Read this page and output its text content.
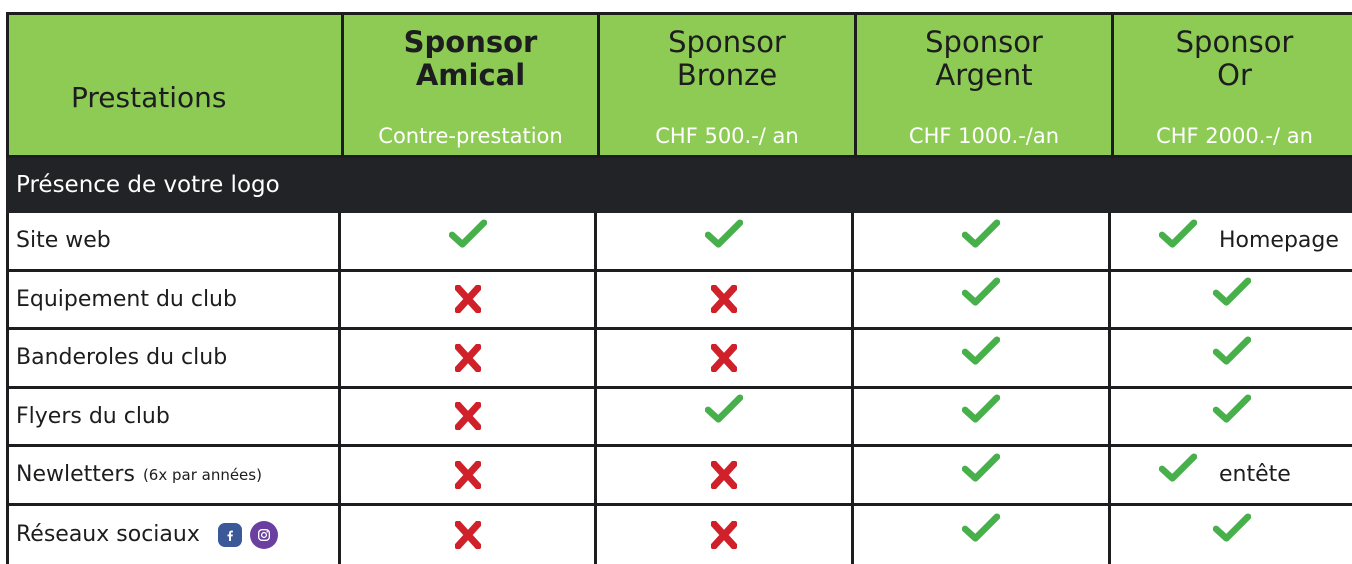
Prestations
Sponsor
Amical
Contre-prestation
Sponsor
Bronze
CHF 500.-/ an
Sponsor
Argent
CHF 1000.-/an
Sponsor
Or
CHF 2000.-/ an
Présence de votre logo
Site web	Homepage
Equipement du club
Banderoles du club
Flyers du club
Newletters (6x par années)	entête
Réseaux sociaux
